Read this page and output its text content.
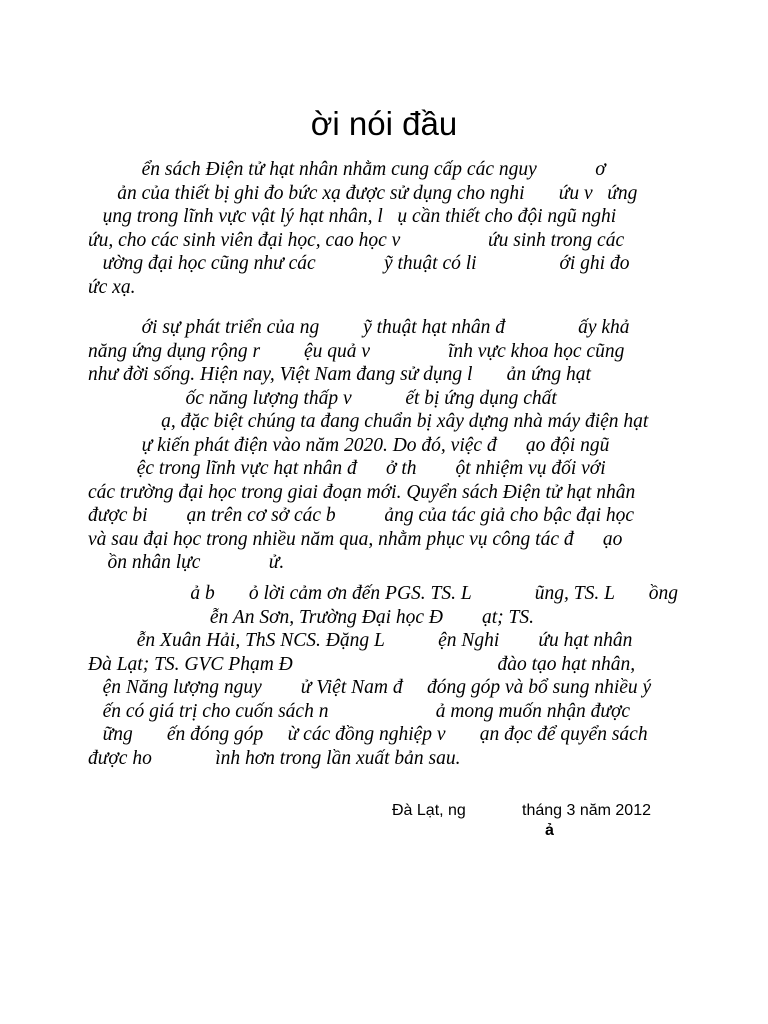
ời nói đầu
ển sách Điện tử hạt nhân nhằm cung cấp các nguy            ơ
ản của thiết bị ghi đo bức xạ được sử dụng cho nghi       ứu v   ứng
ụng trong lĩnh vực vật lý hạt nhân, l   ụ cần thiết cho đội ngũ nghi
ứu, cho các sinh viên đại học, cao học v                  ứu sinh trong các
ường đại học cũng như các              ỹ thuật có li                 ới ghi đo
ức xạ.
ới sự phát triển của ng         ỹ thuật hạt nhân đ               ấy khả
năng ứng dụng rộng r         ệu quả v                ĩnh vực khoa học cũng
như đời sống. Hiện nay, Việt Nam đang sử dụng l       ản ứng hạt
ốc năng lượng thấp v           ết bị ứng dụng chất
ạ, đặc biệt chúng ta đang chuẩn bị xây dựng nhà máy điện hạt
ự kiến phát điện vào năm 2020. Do đó, việc đ      ạo đội ngũ
ệc trong lĩnh vực hạt nhân đ      ở th        ột nhiệm vụ đối với
các trường đại học trong giai đoạn mới. Quyển sách Điện tử hạt nhân
được bi        ạn trên cơ sở các b          ảng của tác giả cho bậc đại học
và sau đại học trong nhiều năm qua, nhằm phục vụ công tác đ      ạo
ồn nhân lực              ử.
ả b       ỏ lời cảm ơn đến PGS. TS. L             ũng, TS. L       ồng
ễn An Sơn, Trường Đại học Đ        ạt; TS.
ễn Xuân Hải, ThS NCS. Đặng L           ện Nghi        ứu hạt nhân
Đà Lạt; TS. GVC Phạm Đ                                          đào tạo hạt nhân,
ện Năng lượng nguy        ử Việt Nam đ     đóng góp và bổ sung nhiều ý
ến có giá trị cho cuốn sách n                      ả mong muốn nhận được
ững       ến đóng góp     ừ các đồng nghiệp v       ạn đọc để quyển sách
được ho             ình hơn trong lần xuất bản sau.
Đà Lạt, ng	tháng 3 năm 2012
ả
